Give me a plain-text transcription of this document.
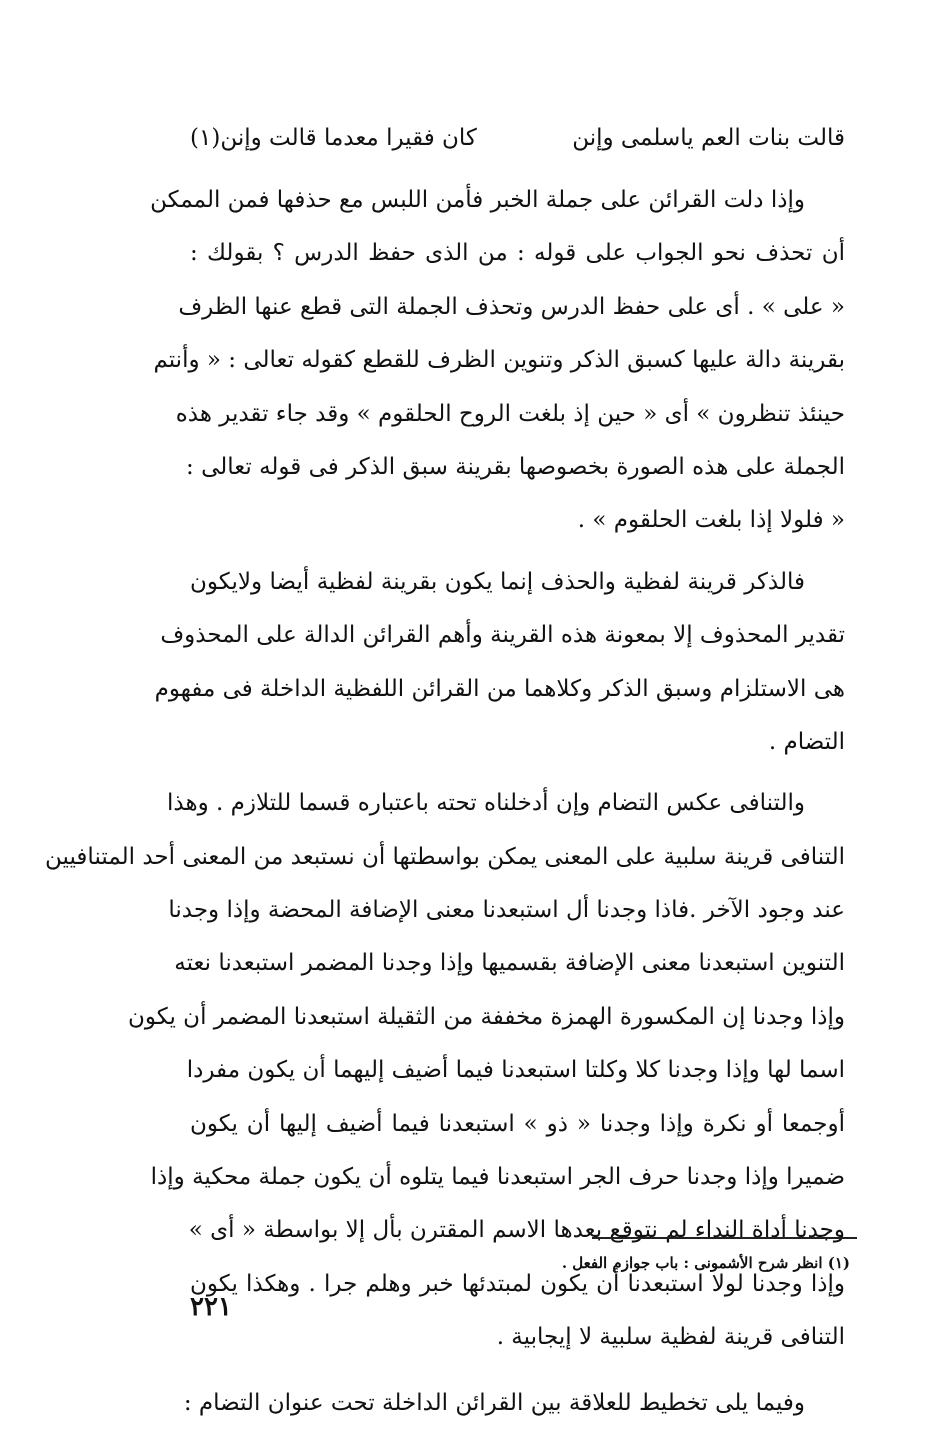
قالت بنات العم ياسلمى وإنن
كان فقيرا معدما قالت وإنن(١)
وإذا دلت القرائن على جملة الخبر فأمن اللبس مع حذفها فمن الممكن
أن تحذف نحو الجواب على قوله : من الذى حفظ الدرس ؟ بقولك :
« على » . أى على حفظ الدرس وتحذف الجملة التى قطع عنها الظرف
بقرينة دالة عليها كسبق الذكر وتنوين الظرف للقطع كقوله تعالى : « وأنتم
حينئذ تنظرون » أى « حين إذ بلغت الروح الحلقوم » وقد جاء تقدير هذه
الجملة على هذه الصورة بخصوصها بقرينة سبق الذكر فى قوله تعالى :
« فلولا إذا بلغت الحلقوم » .
فالذكر قرينة لفظية والحذف إنما يكون بقرينة لفظية أيضا ولايكون
تقدير المحذوف إلا بمعونة هذه القرينة وأهم القرائن الدالة على المحذوف
هى الاستلزام وسبق الذكر وكلاهما من القرائن اللفظية الداخلة فى مفهوم
التضام .
والتنافى عكس التضام وإن أدخلناه تحته باعتباره قسما للتلازم . وهذا
التنافى قرينة سلبية على المعنى يمكن بواسطتها أن نستبعد من المعنى أحد المتنافيين
عند وجود الآخر .فاذا وجدنا أل استبعدنا معنى الإضافة المحضة وإذا وجدنا
التنوين استبعدنا معنى الإضافة بقسميها وإذا وجدنا المضمر استبعدنا نعته
وإذا وجدنا إن المكسورة الهمزة مخففة من الثقيلة استبعدنا المضمر أن يكون
اسما لها وإذا وجدنا كلا وكلتا استبعدنا فيما أضيف إليهما أن يكون مفردا
أوجمعا أو نكرة وإذا وجدنا « ذو » استبعدنا فيما أضيف إليها أن يكون
ضميرا وإذا وجدنا حرف الجر استبعدنا فيما يتلوه أن يكون جملة محكية وإذا
وجدنا أداة النداء لم نتوقع بعدها الاسم المقترن بأل إلا بواسطة « أى »
وإذا وجدنا لولا استبعدنا أن يكون لمبتدئها خبر وهلم جرا . وهكذا يكون
التنافى قرينة لفظية سلبية لا إيجابية .
وفيما يلى تخطيط للعلاقة بين القرائن الداخلة تحت عنوان التضام :
(١) انظر شرح الأشمونى : باب جوازم الفعل .
٢٢١
